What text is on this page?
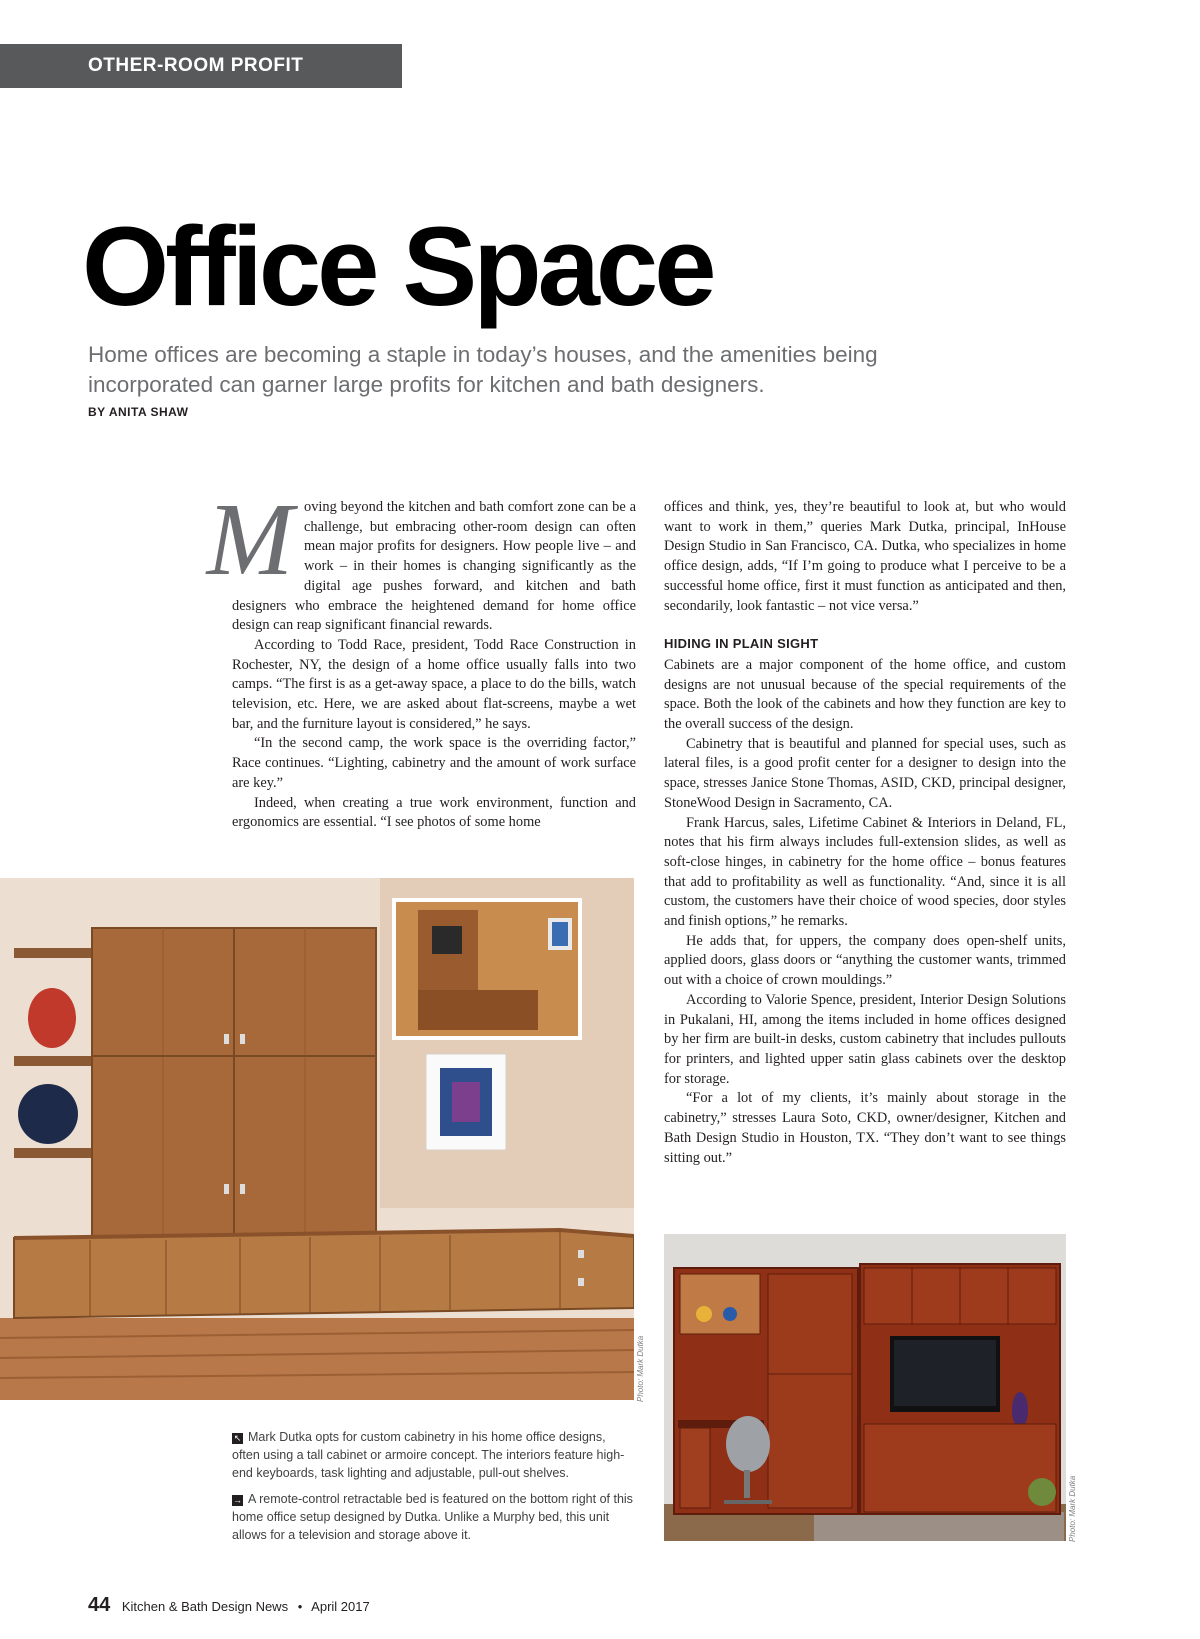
OTHER-ROOM PROFIT CENTERS
Office Space

Home offices are becoming a staple in today’s houses, and the amenities being incorporated can garner large profits for kitchen and bath designers.

BY ANITA SHAW

M oving beyond the kitchen and bath comfort zone can be a challenge, but embracing other-room design can often mean major profits for designers. How people live – and work – in their homes is changing significantly as the digital age pushes forward, and kitchen and bath designers who embrace the heightened demand for home office design can reap significant financial rewards.

According to Todd Race, president, Todd Race Construction in Rochester, NY, the design of a home office usually falls into two camps. “The first is as a get-away space, a place to do the bills, watch television, etc. Here, we are asked about flat-screens, maybe a wet bar, and the furniture layout is considered,” he says.

“In the second camp, the work space is the overriding factor,” Race continues. “Lighting, cabinetry and the amount of work surface are key.”

Indeed, when creating a true work environment, function and ergonomics are essential. “I see photos of some home

offices and think, yes, they’re beautiful to look at, but who would want to work in them,” queries Mark Dutka, principal, InHouse Design Studio in San Francisco, CA. Dutka, who specializes in home office design, adds, “If I’m going to produce what I perceive to be a successful home office, first it must function as anticipated and then, secondarily, look fantastic – not vice versa.”

HIDING IN PLAIN SIGHT

Cabinets are a major component of the home office, and custom designs are not unusual because of the special requirements of the space. Both the look of the cabinets and how they function are key to the overall success of the design.

Cabinetry that is beautiful and planned for special uses, such as lateral files, is a good profit center for a designer to design into the space, stresses Janice Stone Thomas, ASID, CKD, principal designer, StoneWood Design in Sacramento, CA.

Frank Harcus, sales, Lifetime Cabinet & Interiors in Deland, FL, notes that his firm always includes full-extension slides, as well as soft-close hinges, in cabinetry for the home office – bonus features that add to profitability as well as functionality. “And, since it is all custom, the customers have their choice of wood species, door styles and finish options,” he remarks.

He adds that, for uppers, the company does open-shelf units, applied doors, glass doors or “anything the customer wants, trimmed out with a choice of crown mouldings.”

According to Valorie Spence, president, Interior Design Solutions in Pukalani, HI, among the items included in home offices designed by her firm are built-in desks, custom cabinetry that includes pullouts for printers, and lighted upper satin glass cabinets over the desktop for storage.

“For a lot of my clients, it’s mainly about storage in the cabinetry,” stresses Laura Soto, CKD, owner/designer, Kitchen and Bath Design Studio in Houston, TX. “They don’t want to see things sitting out.”

Photo: Mark Dutka
Photo: Mark Dutka

↖ Mark Dutka opts for custom cabinetry in his home office designs, often using a tall cabinet or armoire concept. The interiors feature high-end keyboards, task lighting and adjustable, pull-out shelves.

→ A remote-control retractable bed is featured on the bottom right of this home office setup designed by Dutka. Unlike a Murphy bed, this unit allows for a television and storage above it.

44 Kitchen & Bath Design News • April 2017
